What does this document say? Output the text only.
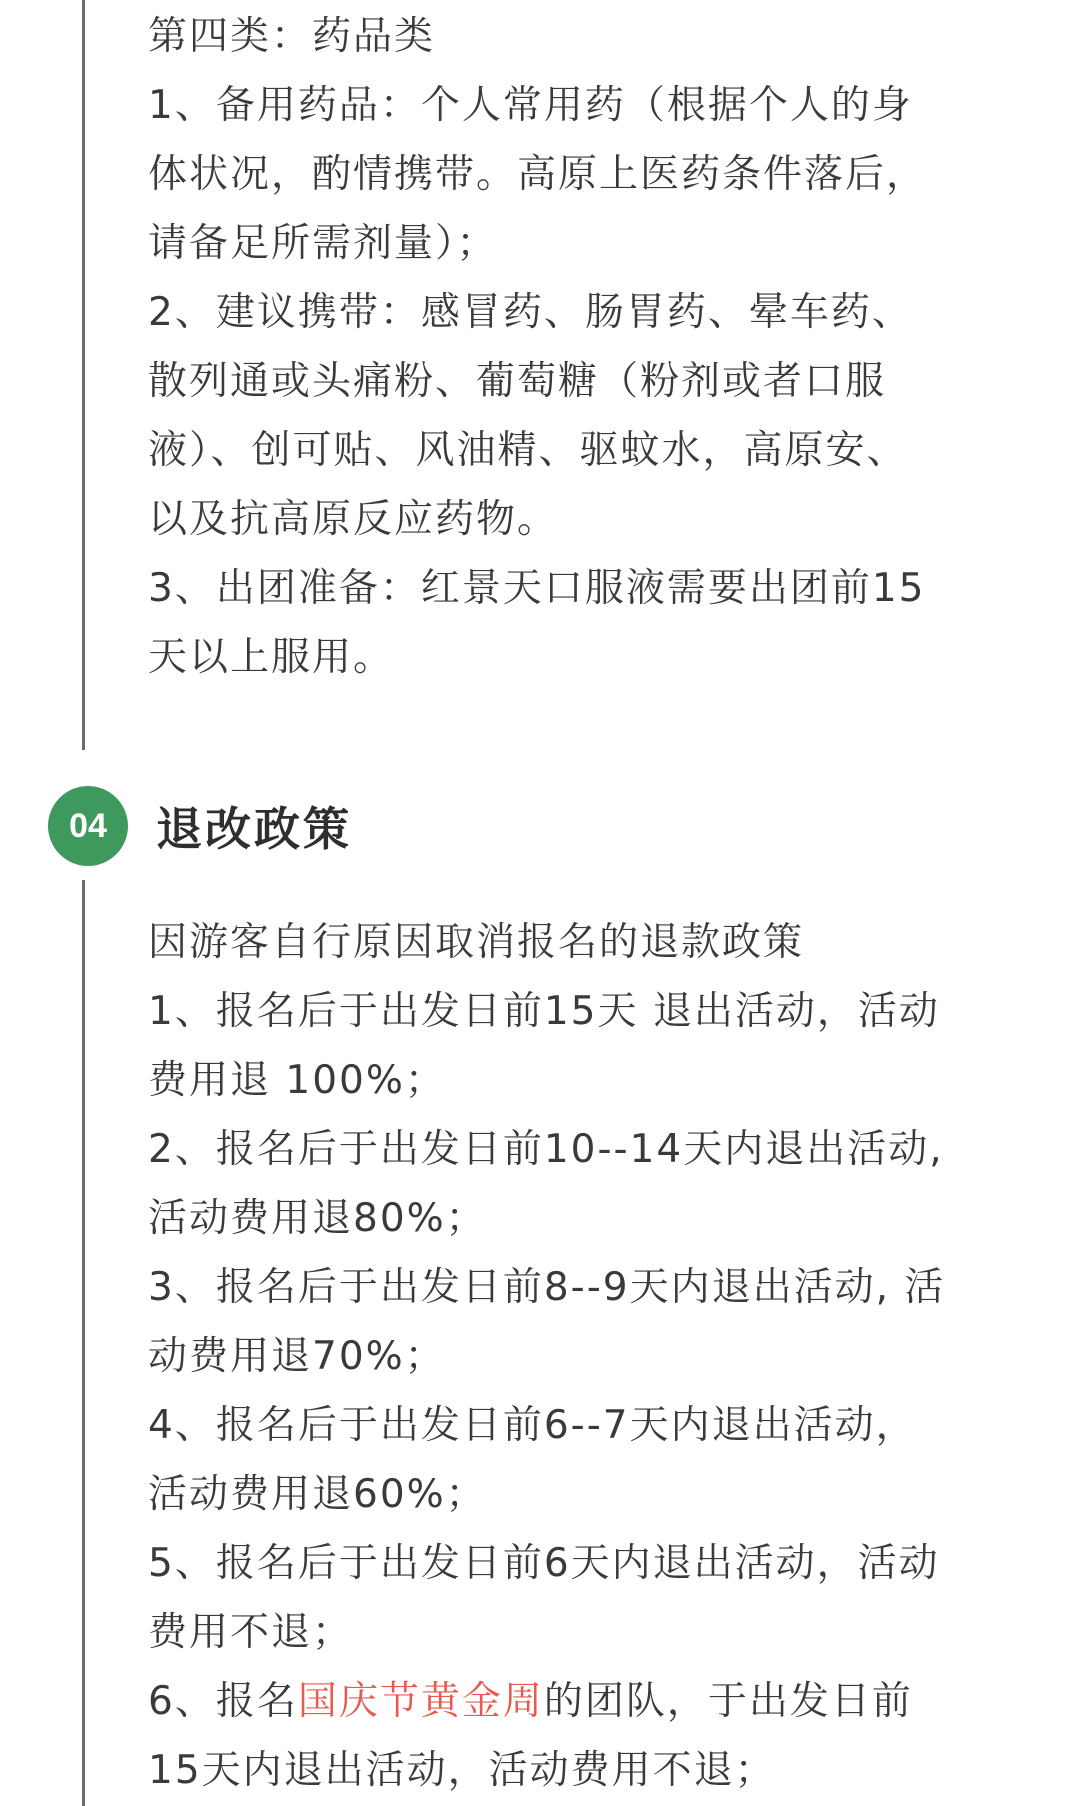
第四类：药品类

1、备用药品：个人常用药（根据个人的身体状况，酌情携带。高原上医药条件落后，请备足所需剂量）；

2、建议携带：感冒药、肠胃药、晕车药、散列通或头痛粉、葡萄糖（粉剂或者口服液）、创可贴、风油精、驱蚊水，高原安、以及抗高原反应药物。

3、出团准备：红景天口服液需要出团前15天以上服用。

04	退改政策

因游客自行原因取消报名的退款政策

1、报名后于出发日前15天 退出活动，活动费用退 100%；

2、报名后于出发日前10--14天内退出活动, 活动费用退80%；

3、报名后于出发日前8--9天内退出活动, 活动费用退70%；

4、报名后于出发日前6--7天内退出活动，活动费用退60%；

5、报名后于出发日前6天内退出活动，活动费用不退；

6、报名国庆节黄金周的团队，于出发日前15天内退出活动，活动费用不退；
